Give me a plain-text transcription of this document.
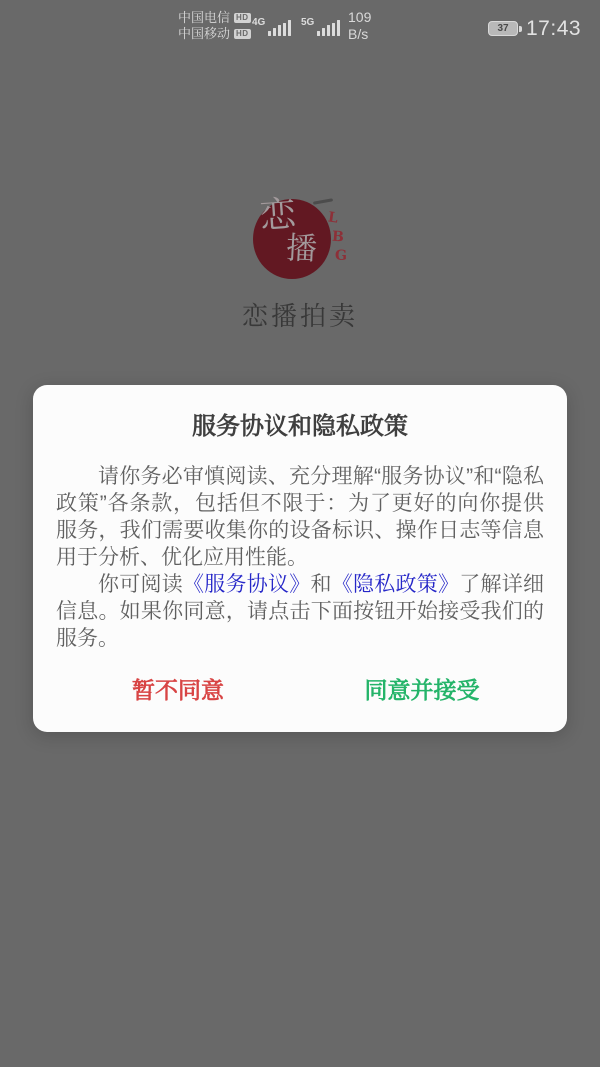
中国电信 HD
中国移动 HD
4G	5G 109
B/s	37 17:43
恋
播
L
B
G
恋播拍卖
服务协议和隐私政策

请你务必审慎阅读、充分理解“服务协议”和“隐私政策”各条款，包括但不限于：为了更好的向你提供服务，我们需要收集你的设备标识、操作日志等信息用于分析、优化应用性能。

你可阅读《服务协议》和《隐私政策》了解详细信息。如果你同意，请点击下面按钮开始接受我们的服务。

暂不同意	同意并接受
